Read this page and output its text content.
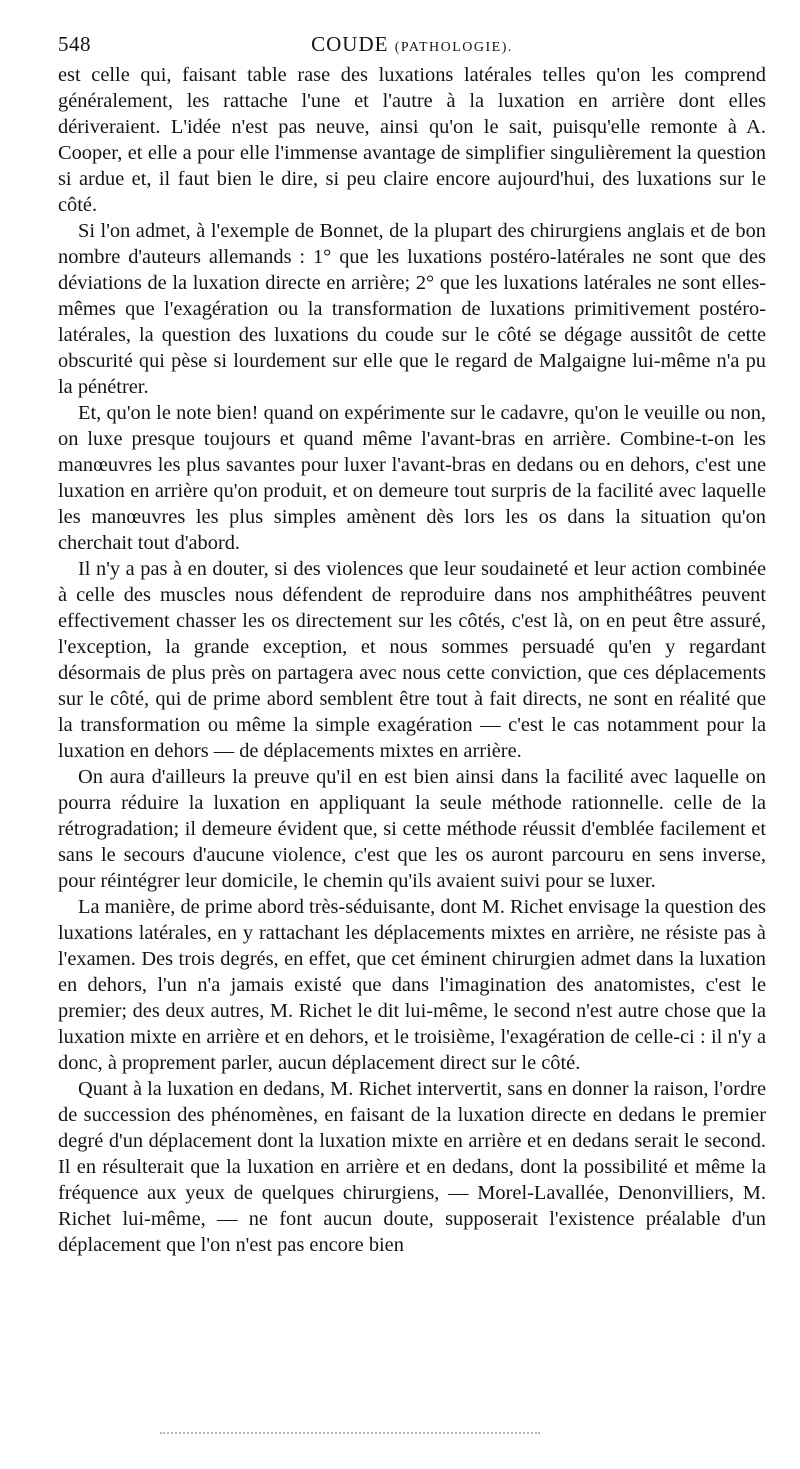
548	COUDE (PATHOLOGIE).

est celle qui, faisant table rase des luxations latérales telles qu'on les comprend généralement, les rattache l'une et l'autre à la luxation en arrière dont elles dériveraient. L'idée n'est pas neuve, ainsi qu'on le sait, puisqu'elle remonte à A. Cooper, et elle a pour elle l'immense avantage de simplifier singulièrement la question si ardue et, il faut bien le dire, si peu claire encore aujourd'hui, des luxations sur le côté.

Si l'on admet, à l'exemple de Bonnet, de la plupart des chirurgiens anglais et de bon nombre d'auteurs allemands : 1° que les luxations postéro-latérales ne sont que des déviations de la luxation directe en arrière; 2° que les luxations latérales ne sont elles-mêmes que l'exagération ou la transformation de luxations primitivement postéro-latérales, la question des luxations du coude sur le côté se dégage aussitôt de cette obscurité qui pèse si lourdement sur elle que le regard de Malgaigne lui-même n'a pu la pénétrer.

Et, qu'on le note bien! quand on expérimente sur le cadavre, qu'on le veuille ou non, on luxe presque toujours et quand même l'avant-bras en arrière. Combine-t-on les manœuvres les plus savantes pour luxer l'avant-bras en dedans ou en dehors, c'est une luxation en arrière qu'on produit, et on demeure tout surpris de la facilité avec laquelle les manœuvres les plus simples amènent dès lors les os dans la situation qu'on cherchait tout d'abord.

Il n'y a pas à en douter, si des violences que leur soudaineté et leur action combinée à celle des muscles nous défendent de reproduire dans nos amphithéâtres peuvent effectivement chasser les os directement sur les côtés, c'est là, on en peut être assuré, l'exception, la grande exception, et nous sommes persuadé qu'en y regardant désormais de plus près on partagera avec nous cette conviction, que ces déplacements sur le côté, qui de prime abord semblent être tout à fait directs, ne sont en réalité que la transformation ou même la simple exagération — c'est le cas notamment pour la luxation en dehors — de déplacements mixtes en arrière.

On aura d'ailleurs la preuve qu'il en est bien ainsi dans la facilité avec laquelle on pourra réduire la luxation en appliquant la seule méthode rationnelle. celle de la rétrogradation; il demeure évident que, si cette méthode réussit d'emblée facilement et sans le secours d'aucune violence, c'est que les os auront parcouru en sens inverse, pour réintégrer leur domicile, le chemin qu'ils avaient suivi pour se luxer.

La manière, de prime abord très-séduisante, dont M. Richet envisage la question des luxations latérales, en y rattachant les déplacements mixtes en arrière, ne résiste pas à l'examen. Des trois degrés, en effet, que cet éminent chirurgien admet dans la luxation en dehors, l'un n'a jamais existé que dans l'imagination des anatomistes, c'est le premier; des deux autres, M. Richet le dit lui-même, le second n'est autre chose que la luxation mixte en arrière et en dehors, et le troisième, l'exagération de celle-ci : il n'y a donc, à proprement parler, aucun déplacement direct sur le côté.

Quant à la luxation en dedans, M. Richet intervertit, sans en donner la raison, l'ordre de succession des phénomènes, en faisant de la luxation directe en dedans le premier degré d'un déplacement dont la luxation mixte en arrière et en dedans serait le second. Il en résulterait que la luxation en arrière et en dedans, dont la possibilité et même la fréquence aux yeux de quelques chirurgiens, — Morel-Lavallée, Denonvilliers, M. Richet lui-même, — ne font aucun doute, supposerait l'existence préalable d'un déplacement que l'on n'est pas encore bien
